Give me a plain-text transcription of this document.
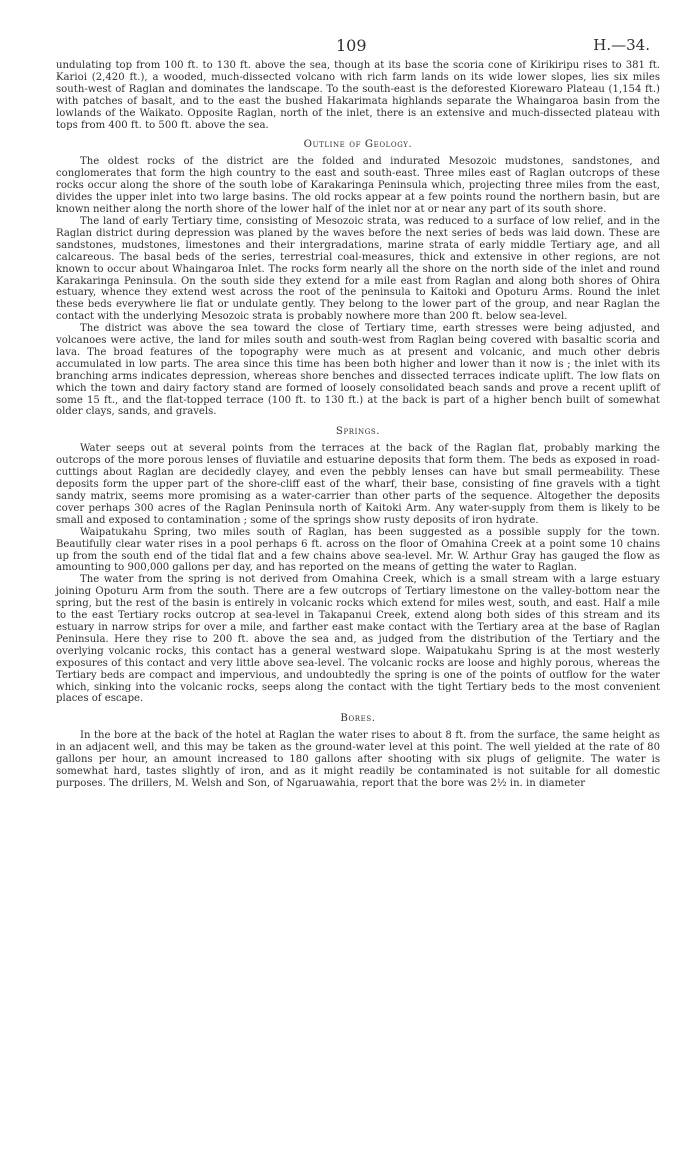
109	H.—34.

undulating top from 100 ft. to 130 ft. above the sea, though at its base the scoria cone of Kirikiripu rises to 381 ft. Karioi (2,420 ft.), a wooded, much-dissected volcano with rich farm lands on its wide lower slopes, lies six miles south-west of Raglan and dominates the landscape. To the south-east is the deforested Kiorewaro Plateau (1,154 ft.) with patches of basalt, and to the east the bushed Hakarimata highlands separate the Whaingaroa basin from the lowlands of the Waikato. Opposite Raglan, north of the inlet, there is an extensive and much-dissected plateau with tops from 400 ft. to 500 ft. above the sea.

Outline of Geology.

The oldest rocks of the district are the folded and indurated Mesozoic mudstones, sandstones, and conglomerates that form the high country to the east and south-east. Three miles east of Raglan outcrops of these rocks occur along the shore of the south lobe of Karakaringa Peninsula which, projecting three miles from the east, divides the upper inlet into two large basins. The old rocks appear at a few points round the northern basin, but are known neither along the north shore of the lower half of the inlet nor at or near any part of its south shore.

The land of early Tertiary time, consisting of Mesozoic strata, was reduced to a surface of low relief, and in the Raglan district during depression was planed by the waves before the next series of beds was laid down. These are sandstones, mudstones, limestones and their intergradations, marine strata of early middle Tertiary age, and all calcareous. The basal beds of the series, terrestrial coal-measures, thick and extensive in other regions, are not known to occur about Whaingaroa Inlet. The rocks form nearly all the shore on the north side of the inlet and round Karakaringa Peninsula. On the south side they extend for a mile east from Raglan and along both shores of Ohira estuary, whence they extend west across the root of the peninsula to Kaitoki and Opoturu Arms. Round the inlet these beds everywhere lie flat or undulate gently. They belong to the lower part of the group, and near Raglan the contact with the underlying Mesozoic strata is probably nowhere more than 200 ft. below sea-level.

The district was above the sea toward the close of Tertiary time, earth stresses were being adjusted, and volcanoes were active, the land for miles south and south-west from Raglan being covered with basaltic scoria and lava. The broad features of the topography were much as at present and volcanic, and much other debris accumulated in low parts. The area since this time has been both higher and lower than it now is ; the inlet with its branching arms indicates depression, whereas shore benches and dissected terraces indicate uplift. The low flats on which the town and dairy factory stand are formed of loosely consolidated beach sands and prove a recent uplift of some 15 ft., and the flat-topped terrace (100 ft. to 130 ft.) at the back is part of a higher bench built of somewhat older clays, sands, and gravels.

Springs.

Water seeps out at several points from the terraces at the back of the Raglan flat, probably marking the outcrops of the more porous lenses of fluviatile and estuarine deposits that form them. The beds as exposed in road-cuttings about Raglan are decidedly clayey, and even the pebbly lenses can have but small permeability. These deposits form the upper part of the shore-cliff east of the wharf, their base, consisting of fine gravels with a tight sandy matrix, seems more promising as a water-carrier than other parts of the sequence. Altogether the deposits cover perhaps 300 acres of the Raglan Peninsula north of Kaitoki Arm. Any water-supply from them is likely to be small and exposed to contamination ; some of the springs show rusty deposits of iron hydrate.

Waipatukahu Spring, two miles south of Raglan, has been suggested as a possible supply for the town. Beautifully clear water rises in a pool perhaps 6 ft. across on the floor of Omahina Creek at a point some 10 chains up from the south end of the tidal flat and a few chains above sea-level. Mr. W. Arthur Gray has gauged the flow as amounting to 900,000 gallons per day, and has reported on the means of getting the water to Raglan.

The water from the spring is not derived from Omahina Creek, which is a small stream with a large estuary joining Opoturu Arm from the south. There are a few outcrops of Tertiary limestone on the valley-bottom near the spring, but the rest of the basin is entirely in volcanic rocks which extend for miles west, south, and east. Half a mile to the east Tertiary rocks outcrop at sea-level in Takapanui Creek, extend along both sides of this stream and its estuary in narrow strips for over a mile, and farther east make contact with the Tertiary area at the base of Raglan Peninsula. Here they rise to 200 ft. above the sea and, as judged from the distribution of the Tertiary and the overlying volcanic rocks, this contact has a general westward slope. Waipatukahu Spring is at the most westerly exposures of this contact and very little above sea-level. The volcanic rocks are loose and highly porous, whereas the Tertiary beds are compact and impervious, and undoubtedly the spring is one of the points of outflow for the water which, sinking into the volcanic rocks, seeps along the contact with the tight Tertiary beds to the most convenient places of escape.

Bores.

In the bore at the back of the hotel at Raglan the water rises to about 8 ft. from the surface, the same height as in an adjacent well, and this may be taken as the ground-water level at this point. The well yielded at the rate of 80 gallons per hour, an amount increased to 180 gallons after shooting with six plugs of gelignite. The water is somewhat hard, tastes slightly of iron, and as it might readily be contaminated is not suitable for all domestic purposes. The drillers, M. Welsh and Son, of Ngaruawahia, report that the bore was 2½ in. in diameter
